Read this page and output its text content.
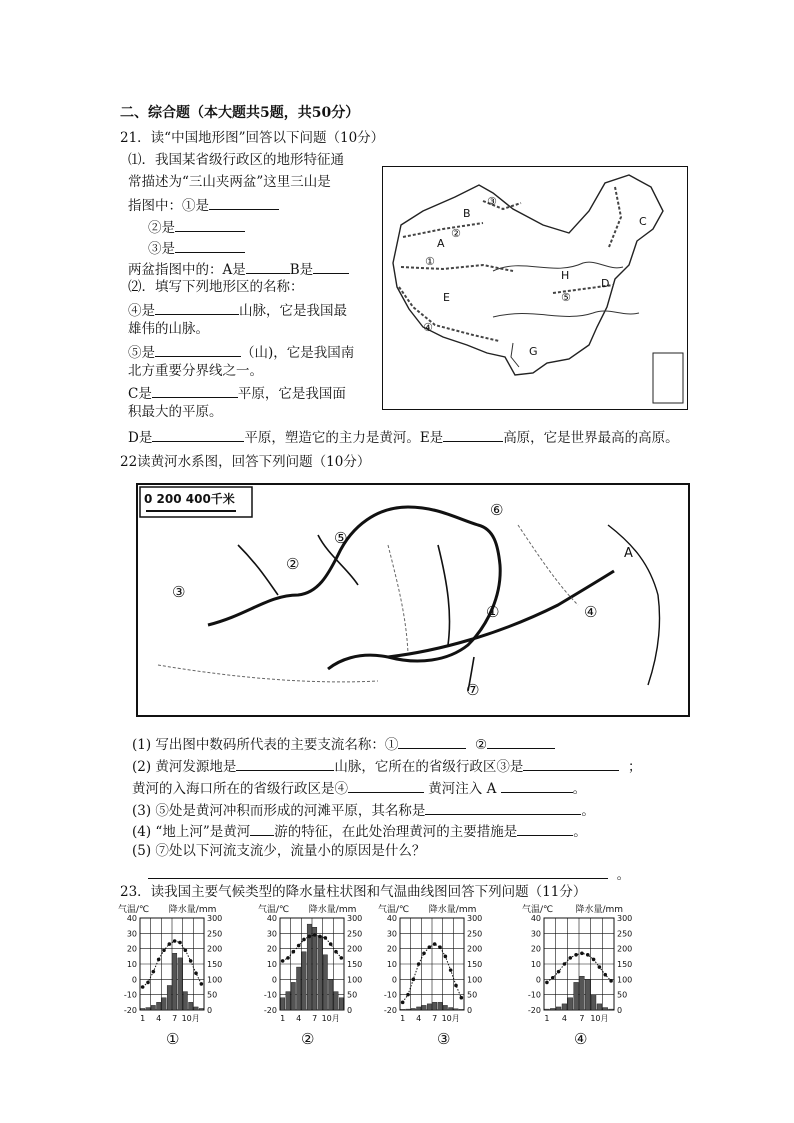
二、综合题（本大题共5题，共50分）
21．读“中国地形图”回答以下问题（10分）
⑴．我国某省级行政区的地形特征通
常描述为“三山夹两盆”这里三山是
指图中：①是
②是
③是
两盆指图中的：A是	B是
⑵．填写下列地形区的名称：
④是	山脉，它是我国最
雄伟的山脉。
⑤是	（山)，它是我国南
北方重要分界线之一。
C是	平原，它是我国面
积最大的平原。
D是	平原，塑造它的主力是黄河。E是	高原，它是世界最高的高原。
A
B
C
D
E
G
H
①
②
③
④
⑤
22读黄河水系图，回答下列问题（10分）
0 200 400千米
③
②
⑤
⑥
①	④
⑦
A
(1) 写出图中数码所代表的主要支流名称：①	②
(2) 黄河发源地是	山脉，它所在的省级行政区③是	；
黄河的入海口所在的省级行政区是④	黄河注入 A	。
(3) ⑤处是黄河冲积而形成的河滩平原，其名称是	。
(4) “地上河”是黄河 游的特征，在此处治理黄河的主要措施是	。
(5) ⑦处以下河流支流少，流量小的原因是什么？
。
23．读我国主要气候类型的降水量柱状图和气温曲线图回答下列问题（11分）
气温/℃ 降水量/mm
40	300
30	250
20	200
10	150
0	100
-10	50
-20	0
1 4 7 10月
气温/℃ 降水量/mm
40	300
30	250
20	200
10	150
0	100
-10	50
-20	0
1 4 7 10月
气温/℃ 降水量/mm
40	300
30	250
20	200
10	150
0	100
-10	50
-20	0
1 4 7 10月
气温/℃ 降水量/mm
40	300
30	250
20	200
10	150
0	100
-10	50
-20	0
1 4 7 10月
①	②	③	④
